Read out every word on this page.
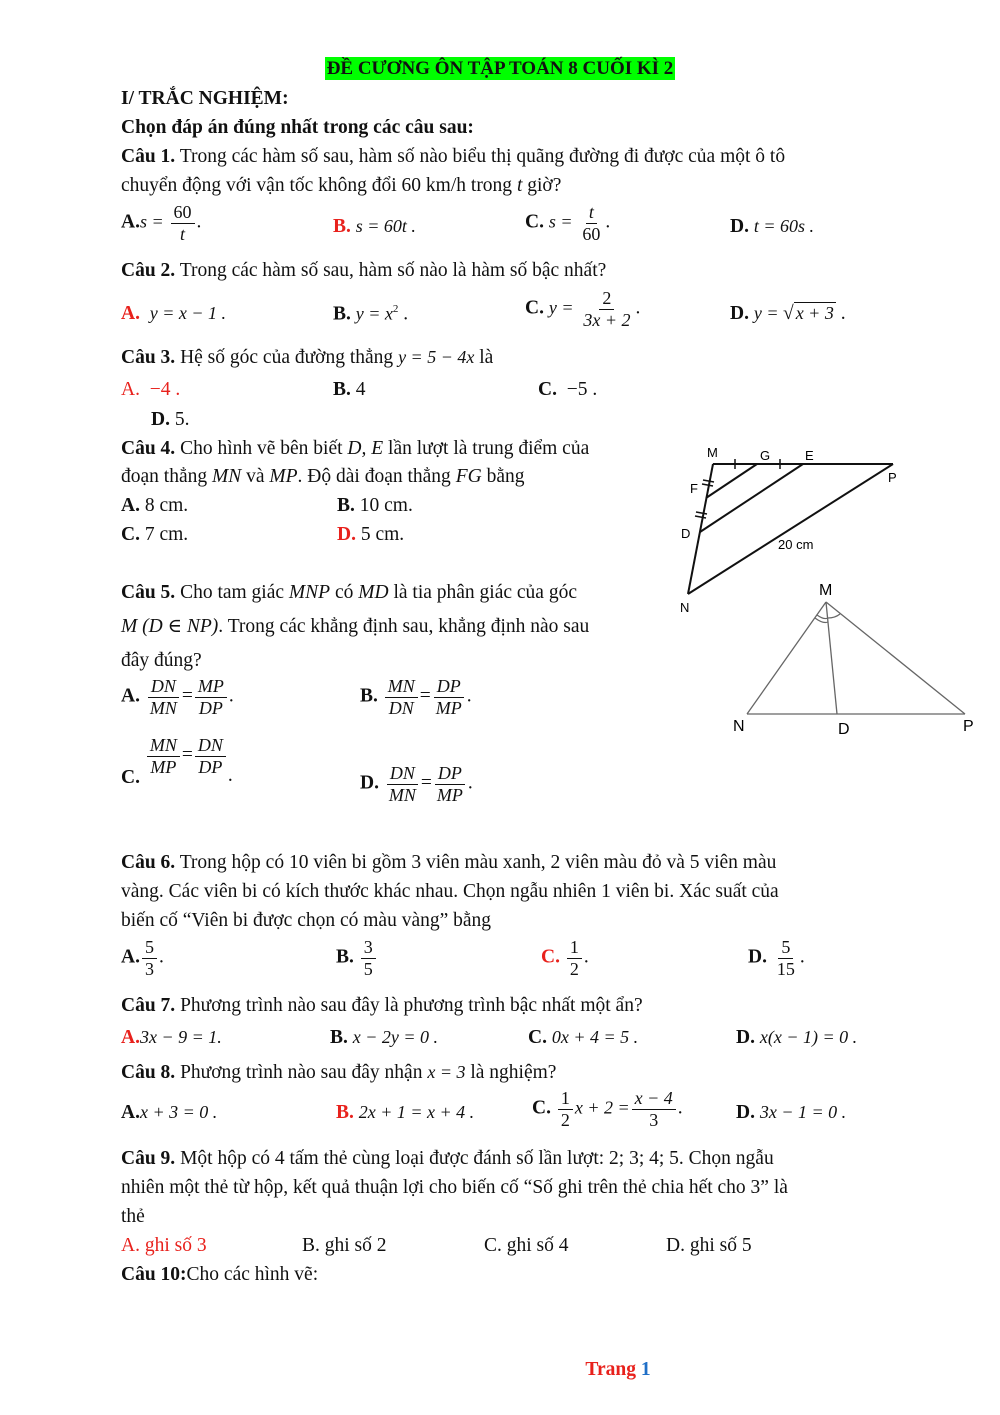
ĐỀ CƯƠNG ÔN TẬP TOÁN 8 CUỐI KÌ 2
I/ TRẮC NGHIỆM:
Chọn đáp án đúng nhất trong các câu sau:
Câu 1. Trong các hàm số sau, hàm số nào biểu thị quãng đường đi được của một ô tô
chuyển động với vận tốc không đổi 60 km/h trong t giờ?
$A.s = \frac{60}{t}$ .	B. s = 60t .	C. $s = \frac{t}{60}$ .	D. t = 60s .
Câu 2. Trong các hàm số sau, hàm số nào là hàm số bậc nhất?
A. y = x − 1 .	B. $y = x^2$ .	C. $y = \frac{2}{3x + 2}$ .	D. y = √ x + 3 .
Câu 3. Hệ số góc của đường thẳng y = 5 − 4x là
A. −4 .	B. 4	C. −5 .
D. 5.
Câu 4. Cho hình vẽ bên biết D, E lần lượt là trung điểm của
đoạn thẳng MN và MP. Độ dài đoạn thẳng FG bằng
A. 8 cm.	B. 10 cm.
C. 7 cm.	D. 5 cm.
M	G	E
P
F
D
N
20 cm
Câu 5. Cho tam giác MNP có MD là tia phân giác của góc
M (D ∈ NP). Trong các khẳng định sau, khẳng định nào sau
đây đúng?
A. $\frac{DN}{MN} = \frac{MP}{DP}$ .	B. $\frac{MN}{DN} = \frac{DP}{MP}$ .
C. $\frac{MN}{MP} = \frac{DN}{DP}$ .	D. $\frac{DN}{MN} = \frac{DP}{MP}$ .
M
N	D	P
Câu 6. Trong hộp có 10 viên bi gồm 3 viên màu xanh, 2 viên màu đỏ và 5 viên màu
vàng. Các viên bi có kích thước khác nhau. Chọn ngẫu nhiên 1 viên bi. Xác suất của
biến cố “Viên bi được chọn có màu vàng” bằng
A. $\frac{5}{3}$ .	B. $\frac{3}{5}$	C. $\frac{1}{2}$ .	D. $\frac{5}{15}$ .
Câu 7. Phương trình nào sau đây là phương trình bậc nhất một ẩn?
A.3x − 9 = 1.	B. x − 2y = 0 .	C. 0x + 4 = 5 .	D. x(x − 1) = 0 .
Câu 8. Phương trình nào sau đây nhận x = 3 là nghiệm?
A.x + 3 = 0 .	B. 2x + 1 = x + 4 .	C. $\frac{1}{2}$ $x + 2 = \frac{x - 4}{3}$ .	D. 3x − 1 = 0 .
Câu 9. Một hộp có 4 tấm thẻ cùng loại được đánh số lần lượt: 2; 3; 4; 5. Chọn ngẫu
nhiên một thẻ từ hộp, kết quả thuận lợi cho biến cố “Số ghi trên thẻ chia hết cho 3” là
thẻ
A. ghi số 3	B. ghi số 2	C. ghi số 4	D. ghi số 5
Câu 10:Cho các hình vẽ:
Trang 1
